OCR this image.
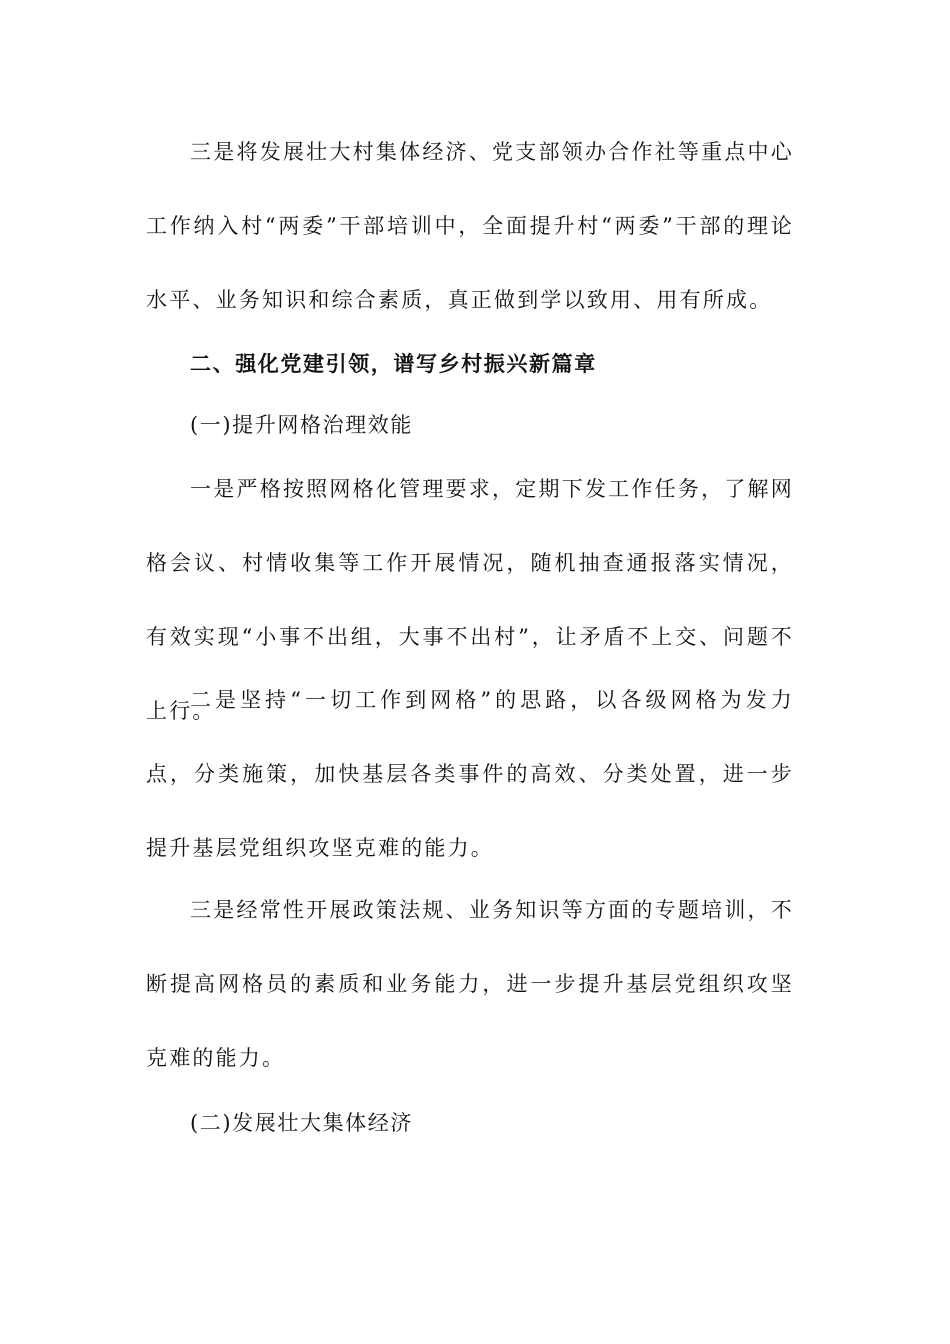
三是将发展壮大村集体经济、党支部领办合作社等重点中心工作纳入村“两委”干部培训中，全面提升村“两委”干部的理论水平、业务知识和综合素质，真正做到学以致用、用有所成。

二、强化党建引领，谱写乡村振兴新篇章

(一)提升网格治理效能

一是严格按照网格化管理要求，定期下发工作任务，了解网格会议、村情收集等工作开展情况，随机抽查通报落实情况，有效实现“小事不出组，大事不出村”，让矛盾不上交、问题不上行。

二是坚持“一切工作到网格”的思路，以各级网格为发力点，分类施策，加快基层各类事件的高效、分类处置，进一步提升基层党组织攻坚克难的能力。

三是经常性开展政策法规、业务知识等方面的专题培训，不断提高网格员的素质和业务能力，进一步提升基层党组织攻坚克难的能力。

(二)发展壮大集体经济
